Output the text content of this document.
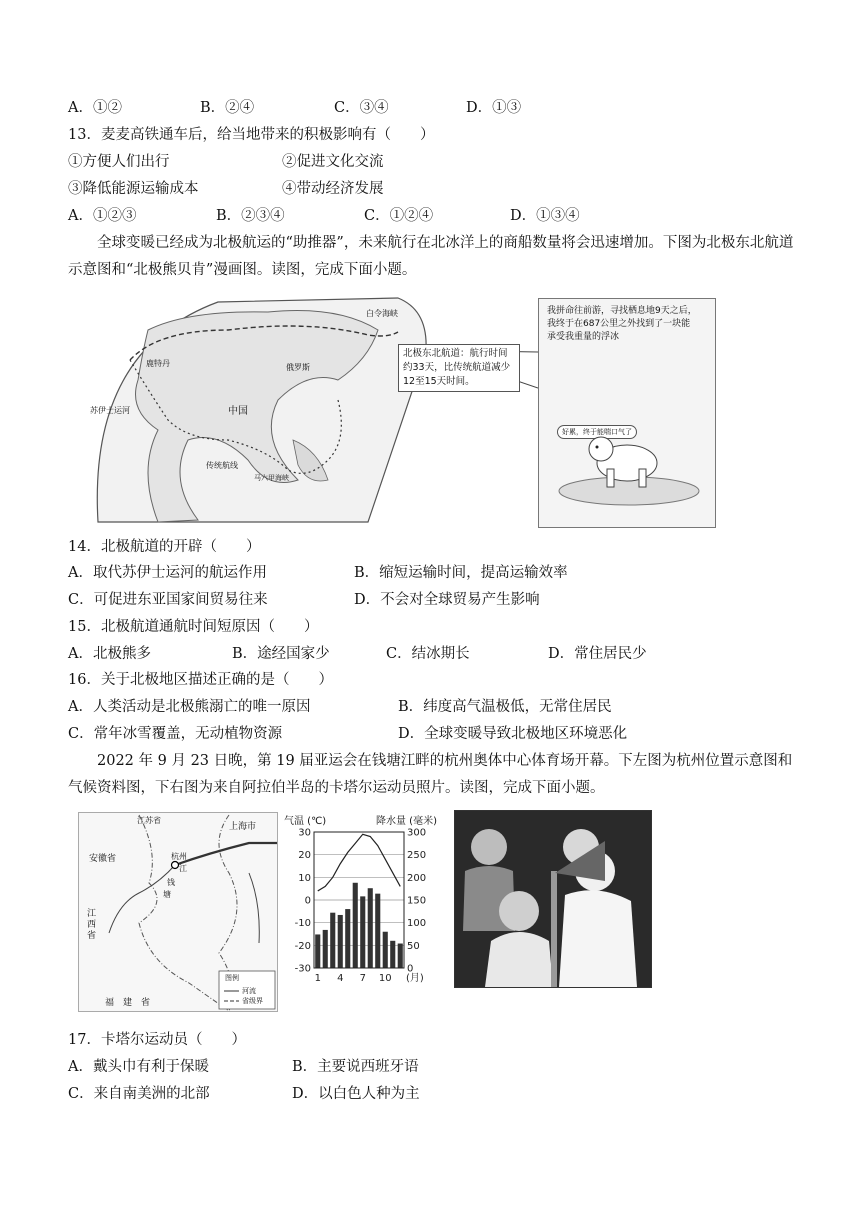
A．①②	B．②④	C．③④	D．①③
13．麦麦高铁通车后，给当地带来的积极影响有（　　）
①方便人们出行	②促进文化交流
③降低能源运输成本	④带动经济发展
A．①②③	B．②③④	C．①②④	D．①③④
全球变暖已经成为北极航运的“助推器”，未来航行在北冰洋上的商船数量将会迅速增加。下图为北极东北航道示意图和“北极熊贝肯”漫画图。读图，完成下面小题。
白令海峡
鹿特丹	俄罗斯
中国
苏伊士运河
传统航线
马六甲海峡
北极东北航道：航行时间约33天，比传统航道减少12至15天时间。
我拼命往前游，寻找栖息地9天之后，我终于在687公里之外找到了一块能承受我重量的浮冰
好累，终于能喘口气了
14．北极航道的开辟（　　）
A．取代苏伊士运河的航运作用	B．缩短运输时间，提高运输效率
C．可促进东亚国家间贸易往来	D．不会对全球贸易产生影响
15．北极航道通航时间短原因（　　）
A．北极熊多	B．途经国家少	C．结冰期长	D．常住居民少
16．关于北极地区描述正确的是（　　）
A．人类活动是北极熊溺亡的唯一原因	B．纬度高气温极低，无常住居民
C．常年冰雪覆盖，无动植物资源	D．全球变暖导致北极地区环境恶化
2022 年 9 月 23 日晚，第 19 届亚运会在钱塘江畔的杭州奥体中心体育场开幕。下左图为杭州位置示意图和气候资料图，下右图为来自阿拉伯半岛的卡塔尔运动员照片。读图，完成下面小题。
江苏省
上海市
安徽省	杭州
江
钱
塘
江
西
省
福　建　省
图例
河流
省级界
气温 (℃)	降水量 (毫米)
30
20
10
0
-10
-20
-30
300
250
200
150
100
50
0
1 4 7 10 (月)
17．卡塔尔运动员（　　）
A．戴头巾有利于保暖	B．主要说西班牙语
C．来自南美洲的北部	D．以白色人种为主
